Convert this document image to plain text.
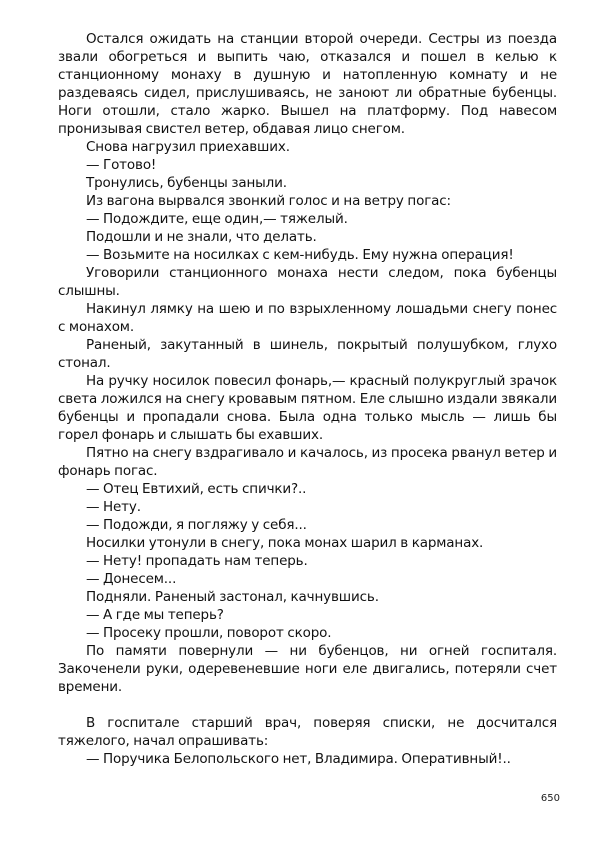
Остался ожидать на станции второй очереди. Сестры из поезда звали обогреться и выпить чаю, отказался и пошел в келью к станционному монаху в душную и натопленную комнату и не раздеваясь сидел, прислушиваясь, не заноют ли обратные бубенцы. Ноги отошли, стало жарко. Вышел на платформу. Под навесом пронизывая свистел ветер, обдавая лицо снегом.

Снова нагрузил приехавших.

— Готово!

Тронулись, бубенцы заныли.

Из вагона вырвался звонкий голос и на ветру погас:

— Подождите, еще один,— тяжелый.

Подошли и не знали, что делать.

— Возьмите на носилках с кем-нибудь. Ему нужна операция!

Уговорили станционного монаха нести следом, пока бубенцы слышны.

Накинул лямку на шею и по взрыхленному лошадьми снегу понес с монахом.

Раненый, закутанный в шинель, покрытый полушубком, глухо стонал.

На ручку носилок повесил фонарь,— красный полукруглый зрачок света ложился на снегу кровавым пятном. Еле слышно издали звякали бубенцы и пропадали снова. Была одна только мысль — лишь бы горел фонарь и слышать бы ехавших.

Пятно на снегу вздрагивало и качалось, из просека рванул ветер и фонарь погас.

— Отец Евтихий, есть спички?..

— Нету.

— Подожди, я погляжу у себя...

Носилки утонули в снегу, пока монах шарил в карманах.

— Нету! пропадать нам теперь.

— Донесем...

Подняли. Раненый застонал, качнувшись.

— А где мы теперь?

— Просеку прошли, поворот скоро.

По памяти повернули — ни бубенцов, ни огней госпиталя. Закоченели руки, одеревеневшие ноги еле двигались, потеряли счет времени.

В госпитале старший врач, поверяя списки, не досчитался тяжелого, начал опрашивать:

— Поручика Белопольского нет, Владимира. Оперативный!..

650
